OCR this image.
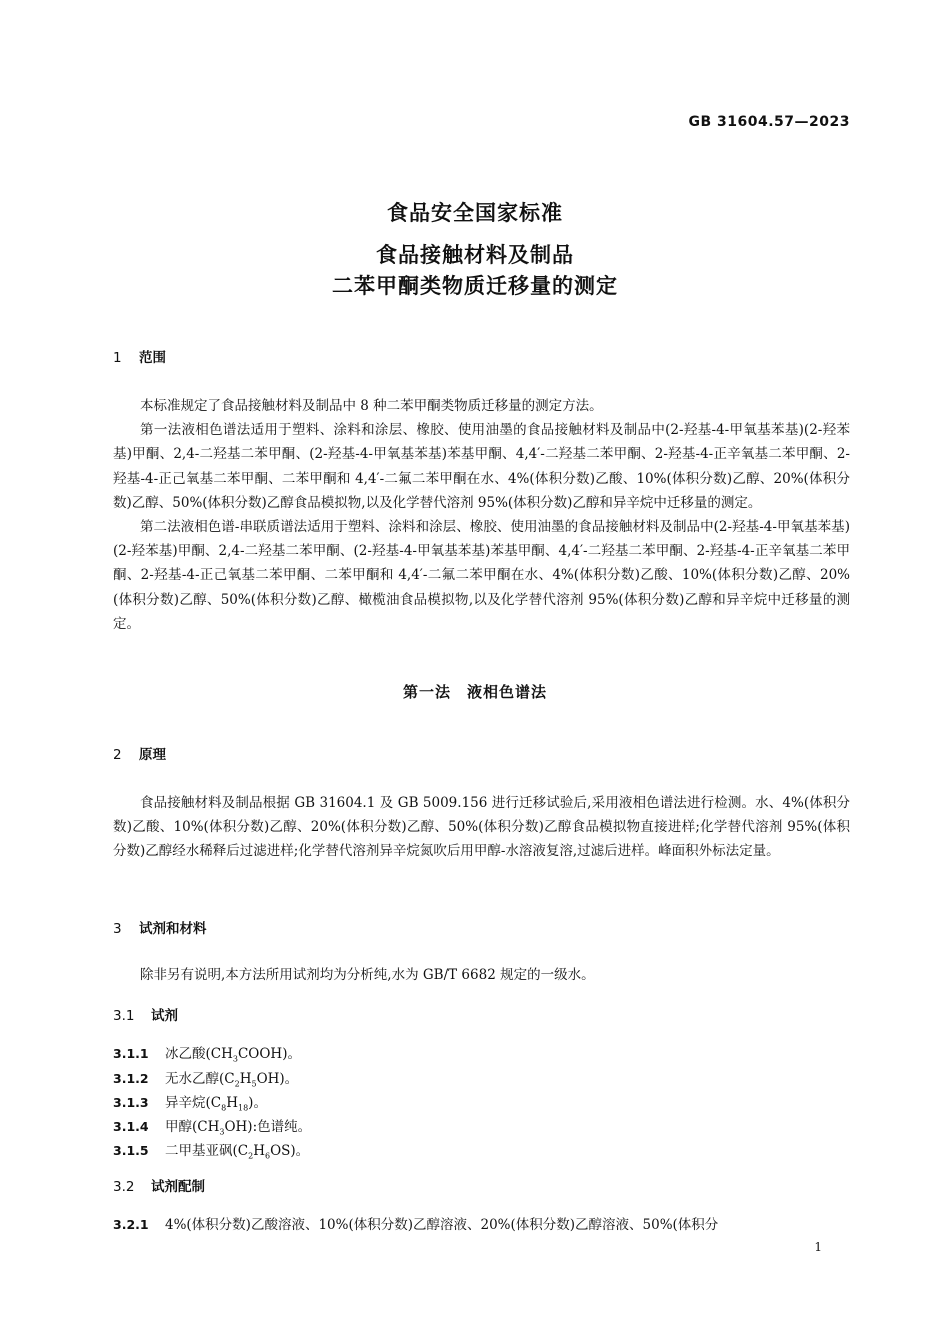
GB 31604.57—2023
食品安全国家标准
食品接触材料及制品
二苯甲酮类物质迁移量的测定
1 范围

本标准规定了食品接触材料及制品中 8 种二苯甲酮类物质迁移量的测定方法。

第一法液相色谱法适用于塑料、涂料和涂层、橡胶、使用油墨的食品接触材料及制品中(2-羟基-4-甲氧基苯基)(2-羟苯基)甲酮、2,4-二羟基二苯甲酮、(2-羟基-4-甲氧基苯基)苯基甲酮、4,4′-二羟基二苯甲酮、2-羟基-4-正辛氧基二苯甲酮、2-羟基-4-正己氧基二苯甲酮、二苯甲酮和 4,4′-二氟二苯甲酮在水、4%(体积分数)乙酸、10%(体积分数)乙醇、20%(体积分数)乙醇、50%(体积分数)乙醇食品模拟物,以及化学替代溶剂 95%(体积分数)乙醇和异辛烷中迁移量的测定。

第二法液相色谱-串联质谱法适用于塑料、涂料和涂层、橡胶、使用油墨的食品接触材料及制品中(2-羟基-4-甲氧基苯基)(2-羟苯基)甲酮、2,4-二羟基二苯甲酮、(2-羟基-4-甲氧基苯基)苯基甲酮、4,4′-二羟基二苯甲酮、2-羟基-4-正辛氧基二苯甲酮、2-羟基-4-正己氧基二苯甲酮、二苯甲酮和 4,4′-二氟二苯甲酮在水、4%(体积分数)乙酸、10%(体积分数)乙醇、20%(体积分数)乙醇、50%(体积分数)乙醇、橄榄油食品模拟物,以及化学替代溶剂 95%(体积分数)乙醇和异辛烷中迁移量的测定。

第一法　液相色谱法
2 原理

食品接触材料及制品根据 GB 31604.1 及 GB 5009.156 进行迁移试验后,采用液相色谱法进行检测。水、4%(体积分数)乙酸、10%(体积分数)乙醇、20%(体积分数)乙醇、50%(体积分数)乙醇食品模拟物直接进样;化学替代溶剂 95%(体积分数)乙醇经水稀释后过滤进样;化学替代溶剂异辛烷氮吹后用甲醇-水溶液复溶,过滤后进样。峰面积外标法定量。

3 试剂和材料

除非另有说明,本方法所用试剂均为分析纯,水为 GB/T 6682 规定的一级水。

3.1 试剂
3.1.1 冰乙酸$(CH_3COOH)$。
3.1.2 无水乙醇$(C_2H_5OH)$。
3.1.3 异辛烷$(C_8H_{18})$。
3.1.4 甲醇$(CH_3OH)$:色谱纯。
3.1.5 二甲基亚砜$(C_2H_6OS)$。
3.2 试剂配制
3.2.1 4%(体积分数)乙酸溶液、10%(体积分数)乙醇溶液、20%(体积分数)乙醇溶液、50%(体积分
1
